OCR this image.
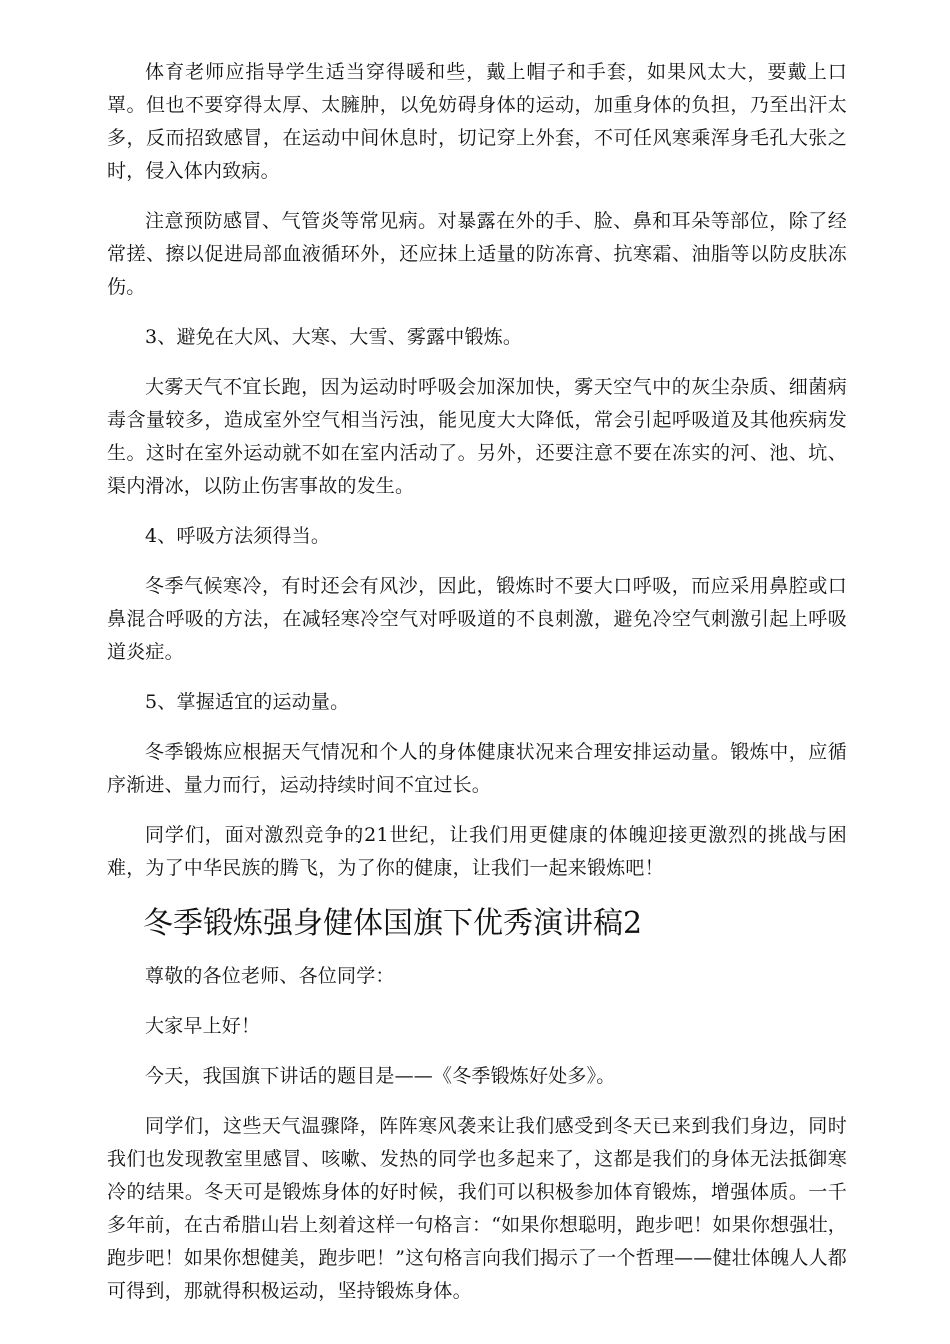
体育老师应指导学生适当穿得暖和些，戴上帽子和手套，如果风太大，要戴上口罩。但也不要穿得太厚、太臃肿，以免妨碍身体的运动，加重身体的负担，乃至出汗太多，反而招致感冒，在运动中间休息时，切记穿上外套，不可任风寒乘浑身毛孔大张之时，侵入体内致病。

注意预防感冒、气管炎等常见病。对暴露在外的手、脸、鼻和耳朵等部位，除了经常搓、擦以促进局部血液循环外，还应抹上适量的防冻膏、抗寒霜、油脂等以防皮肤冻伤。

3、避免在大风、大寒、大雪、雾露中锻炼。

大雾天气不宜长跑，因为运动时呼吸会加深加快，雾天空气中的灰尘杂质、细菌病毒含量较多，造成室外空气相当污浊，能见度大大降低，常会引起呼吸道及其他疾病发生。这时在室外运动就不如在室内活动了。另外，还要注意不要在冻实的河、池、坑、渠内滑冰，以防止伤害事故的发生。

4、呼吸方法须得当。

冬季气候寒冷，有时还会有风沙，因此，锻炼时不要大口呼吸，而应采用鼻腔或口鼻混合呼吸的方法，在减轻寒冷空气对呼吸道的不良刺激，避免冷空气刺激引起上呼吸道炎症。

5、掌握适宜的运动量。

冬季锻炼应根据天气情况和个人的身体健康状况来合理安排运动量。锻炼中，应循序渐进、量力而行，运动持续时间不宜过长。

同学们，面对激烈竞争的21世纪，让我们用更健康的体魄迎接更激烈的挑战与困难，为了中华民族的腾飞，为了你的健康，让我们一起来锻炼吧！

冬季锻炼强身健体国旗下优秀演讲稿2

尊敬的各位老师、各位同学：

大家早上好！

今天，我国旗下讲话的题目是——《冬季锻炼好处多》。

同学们，这些天气温骤降，阵阵寒风袭来让我们感受到冬天已来到我们身边，同时我们也发现教室里感冒、咳嗽、发热的同学也多起来了，这都是我们的身体无法抵御寒冷的结果。冬天可是锻炼身体的好时候，我们可以积极参加体育锻炼，增强体质。一千多年前，在古希腊山岩上刻着这样一句格言：“如果你想聪明，跑步吧！如果你想强壮，跑步吧！如果你想健美，跑步吧！”这句格言向我们揭示了一个哲理——健壮体魄人人都可得到，那就得积极运动，坚持锻炼身体。
